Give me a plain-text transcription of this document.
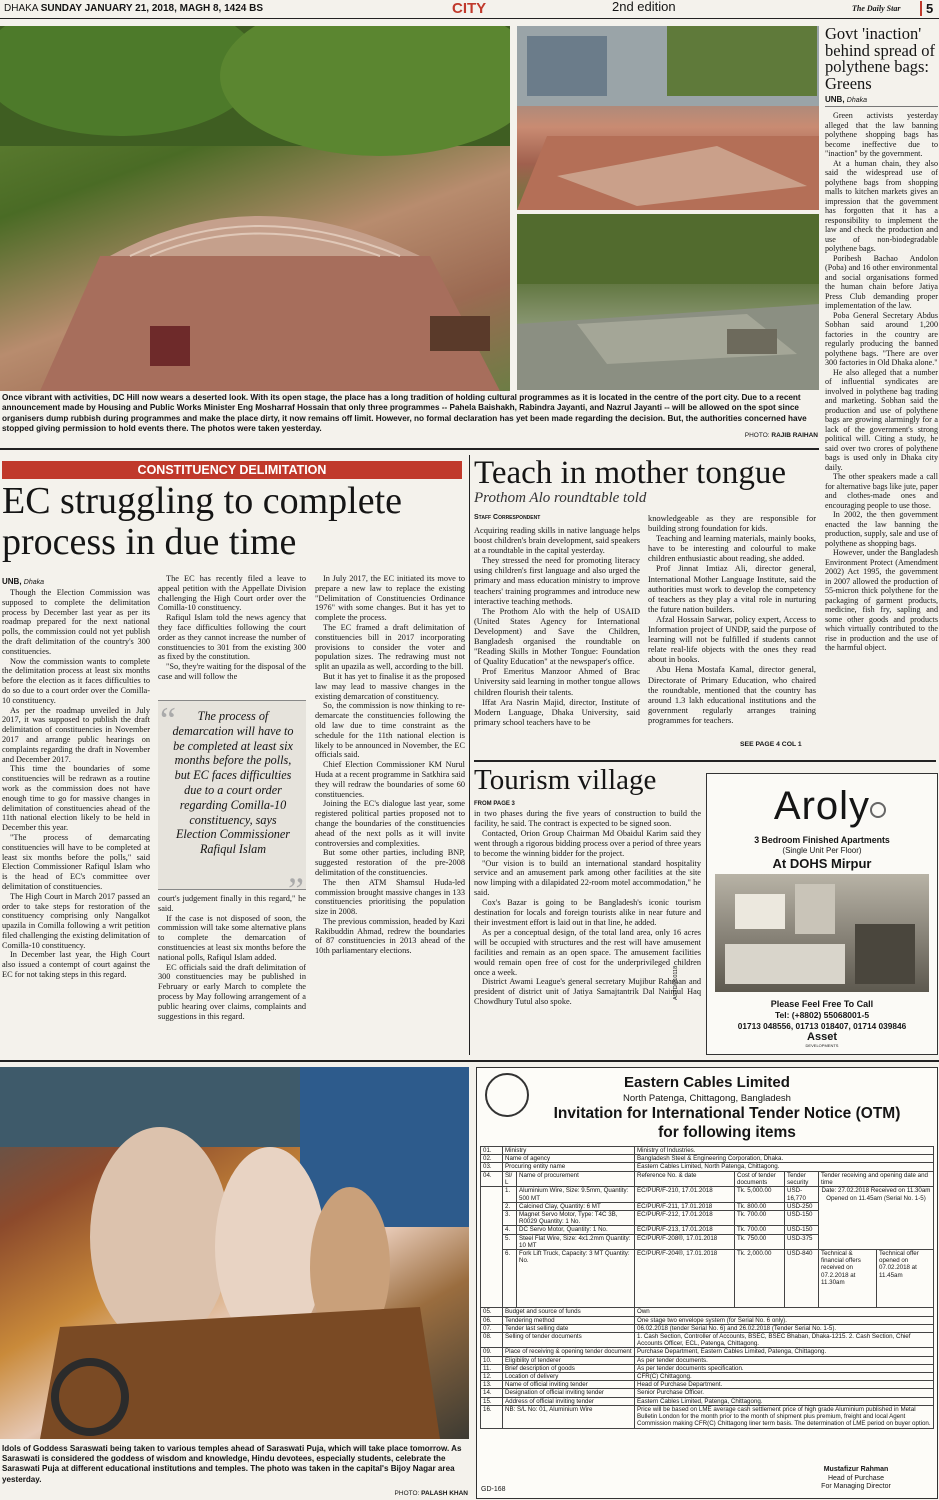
DHAKA SUNDAY JANUARY 21, 2018, MAGH 8, 1424 BS	CITY	2nd edition	The Daily Star	5
Once vibrant with activities, DC Hill now wears a deserted look. With its open stage, the place has a long tradition of holding cultural programmes as it is located in the centre of the port city. Due to a recent announcement made by Housing and Public Works Minister Eng Mosharraf Hossain that only three programmes -- Pahela Baishakh, Rabindra Jayanti, and Nazrul Jayanti -- will be allowed on the spot since organisers dump rubbish during programmes and make the place dirty, it now remains off limit. However, no formal declaration has yet been made regarding the decision. But, the authorities concerned have stopped giving permission to hold events there. The photos were taken yesterday.
PHOTO: RAJIB RAIHAN
Govt 'inaction' behind spread of polythene bags: Greens
UNB, Dhaka

Green activists yesterday alleged that the law banning polythene shopping bags has become ineffective due to "inaction" by the government.

At a human chain, they also said the widespread use of polythene bags from shopping malls to kitchen markets gives an impression that the government has forgotten that it has a responsibility to implement the law and check the production and use of non-biodegradable polythene bags.

Poribesh Bachao Andolon (Poba) and 16 other environmental and social organisations formed the human chain before Jatiya Press Club demanding proper implementation of the law.

Poba General Secretary Abdus Sobhan said around 1,200 factories in the country are regularly producing the banned polythene bags. "There are over 300 factories in Old Dhaka alone."

He also alleged that a number of influential syndicates are involved in polythene bag trading and marketing. Sobhan said the production and use of polythene bags are growing alarmingly for a lack of the government's strong political will. Citing a study, he said over two crores of polythene bags is used only in Dhaka city daily.

The other speakers made a call for alternative bags like jute, paper and clothes-made ones and encouraging people to use those.

In 2002, the then government enacted the law banning the production, supply, sale and use of polythene as shopping bags.

However, under the Bangladesh Environment Protect (Amendment 2002) Act 1995, the government in 2007 allowed the production of 55-micron thick polythene for the packaging of garment products, medicine, fish fry, sapling and some other goods and products which virtually contributed to the rise in production and the use of the harmful object.

CONSTITUENCY DELIMITATION
EC struggling to complete process in due time
UNB, Dhaka

Though the Election Commission was supposed to complete the delimitation process by December last year as per its roadmap prepared for the next national polls, the commission could not yet publish the draft delimitation of the country's 300 constituencies.

Now the commission wants to complete the delimitation process at least six months before the election as it faces difficulties to do so due to a court order over the Comilla-10 constituency.

As per the roadmap unveiled in July 2017, it was supposed to publish the draft delimitation of constituencies in November 2017 and arrange public hearings on complaints regarding the draft in November and December 2017.

This time the boundaries of some constituencies will be redrawn as a routine work as the commission does not have enough time to go for massive changes in delimitation of constituencies ahead of the 11th national election likely to be held in December this year.

"The process of demarcating constituencies will have to be completed at least six months before the polls," said Election Commissioner Rafiqul Islam who is the head of EC's committee over delimitation of constituencies.

The High Court in March 2017 passed an order to take steps for restoration of the constituency comprising only Nangalkot upazila in Comilla following a writ petition filed challenging the existing delimitation of Comilla-10 constituency.

In December last year, the High Court also issued a contempt of court against the EC for not taking steps in this regard.

The EC has recently filed a leave to appeal petition with the Appellate Division challenging the High Court order over the Comilla-10 constituency.

Rafiqul Islam told the news agency that they face difficulties following the court order as they cannot increase the number of constituencies to 301 from the existing 300 as fixed by the constitution.

"So, they're waiting for the disposal of the case and will follow the

“	The process of demarcation will have to be completed at least six months before the polls, but EC faces difficulties due to a court order regarding Comilla-10 constituency, says Election Commissioner Rafiqul Islam
”

court's judgement finally in this regard," he said.

If the case is not disposed of soon, the commission will take some alternative plans to complete the demarcation of constituencies at least six months before the national polls, Rafiqul Islam added.

EC officials said the draft delimitation of 300 constituencies may be published in February or early March to complete the process by May following arrangement of a public hearing over claims, complaints and suggestions in this regard.

In July 2017, the EC initiated its move to prepare a new law to replace the existing "Delimitation of Constituencies Ordinance 1976" with some changes. But it has yet to complete the process.

The EC framed a draft delimitation of constituencies bill in 2017 incorporating provisions to consider the voter and population sizes. The redrawing must not split an upazila as well, according to the bill.

But it has yet to finalise it as the proposed law may lead to massive changes in the existing demarcation of constituency.

So, the commission is now thinking to re-demarcate the constituencies following the old law due to time constraint as the schedule for the 11th national election is likely to be announced in November, the EC officials said.

Chief Election Commissioner KM Nurul Huda at a recent programme in Satkhira said they will redraw the boundaries of some 60 constituencies.

Joining the EC's dialogue last year, some registered political parties proposed not to change the boundaries of the constituencies ahead of the next polls as it will invite controversies and complexities.

But some other parties, including BNP, suggested restoration of the pre-2008 delimitation of the constituencies.

The then ATM Shamsul Huda-led commission brought massive changes in 133 constituencies prioritising the population size in 2008.

The previous commission, headed by Kazi Rakibuddin Ahmad, redrew the boundaries of 87 constituencies in 2013 ahead of the 10th parliamentary elections.

Teach in mother tongue
Prothom Alo roundtable told
Staff Correspondent

Acquiring reading skills in native language helps boost children's brain development, said speakers at a roundtable in the capital yesterday.

They stressed the need for promoting literacy using children's first language and also urged the primary and mass education ministry to improve teachers' training programmes and introduce new interactive teaching methods.

The Prothom Alo with the help of USAID (United States Agency for International Development) and Save the Children, Bangladesh organised the roundtable on "Reading Skills in Mother Tongue: Foundation of Quality Education" at the newspaper's office.

Prof Emeritus Manzoor Ahmed of Brac University said learning in mother tongue allows children flourish their talents.

Iffat Ara Nasrin Majid, director, Institute of Modern Language, Dhaka University, said primary school teachers have to be

knowledgeable as they are responsible for building strong foundation for kids.

Teaching and learning materials, mainly books, have to be interesting and colourful to make children enthusiastic about reading, she added.

Prof Jinnat Imtiaz Ali, director general, International Mother Language Institute, said the authorities must work to develop the competency of teachers as they play a vital role in nurturing the future nation builders.

Afzal Hossain Sarwar, policy expert, Access to Information project of UNDP, said the purpose of learning will not be fulfilled if students cannot relate real-life objects with the ones they read about in books.

Abu Hena Mostafa Kamal, director general, Directorate of Primary Education, who chaired the roundtable, mentioned that the country has around 1.3 lakh educational institutions and the government regularly arranges training programmes for teachers.

SEE PAGE 4 COL 1
Tourism village
FROM PAGE 3

in two phases during the five years of construction to build the facility, he said. The contract is expected to be signed soon.

Contacted, Orion Group Chairman Md Obaidul Karim said they went through a rigorous bidding process over a period of three years to become the winning bidder for the project.

"Our vision is to build an international standard hospitality service and an amusement park among other facilities at the site now limping with a dilapidated 22-room motel accommodation," he said.

Cox's Bazar is going to be Bangladesh's iconic tourism destination for locals and foreign tourists alike in near future and their investment effort is laid out in that line, he added.

As per a conceptual design, of the total land area, only 16 acres will be occupied with structures and the rest will have amusement facilities and remain as an open space. The amusement facilities would remain open free of cost for the underprivileged children once a week.

District Awami League's general secretary Mujibur Rahman and president of district unit of Jatiya Samajtantrik Dal Naimul Haq Chowdhury Tutul also spoke.

Aroly
3 Bedroom Finished Apartments
(Single Unit Per Floor)
At DOHS Mirpur
Please Feel Free To Call
Tel: (+8802) 55068001-5
01713 048556, 01713 018407, 01714 039846
Asset
DEVELOPMENTS
ASTD/210118
Idols of Goddess Saraswati being taken to various temples ahead of Saraswati Puja, which will take place tomorrow. As Saraswati is considered the goddess of wisdom and knowledge, Hindu devotees, especially students, celebrate the Saraswati Puja at different educational institutions and temples. The photo was taken in the capital's Bijoy Nagar area yesterday.
PHOTO: PALASH KHAN
Eastern Cables Limited
North Patenga, Chittagong, Bangladesh
Invitation for International Tender Notice (OTM)
for following items
01.	Ministry	Ministry of Industries.
02.	Name of agency	Bangladesh Steel & Engineering Corporation, Dhaka.
03.	Procuring entity name	Eastern Cables Limited, North Patenga, Chittagong.
04.	Sl/ L	Name of procurement	Reference No. & date	Cost of tender documents	Tender security	Tender receiving and opening date and time	
	1.	Aluminium Wire, Size: 9.5mm, Quantity: 500 MT	EC/PUR/F-210, 17.01.2018	Tk. 5,000.00	USD-16,770	Date: 27.02.2018 Received on 11.30am Opened on 11.45am (Serial No. 1-5)	
	2.	Calcined Clay, Quantity: 6 MT	EC/PUR/F-211, 17.01.2018	Tk. 800.00	USD-250		
	3.	Magnet Servo Motor, Type: T4C 3B, R0029 Quantity: 1 No.	EC/PUR/F-212, 17.01.2018	Tk. 700.00	USD-150		
	4.	DC Servo Motor, Quantity: 1 No.	EC/PUR/F-213, 17.01.2018	Tk. 700.00	USD-150		
	5.	Steel Flat Wire, Size: 4x1.2mm Quantity: 10 MT	EC/PUR/F-208®, 17.01.2018	Tk. 750.00	USD-375		
	6.	Fork Lift Truck, Capacity: 3 MT Quantity: No.	EC/PUR/F-204®, 17.01.2018	Tk. 2,000.00	USD-840	Technical & financial offers received on 07.2.2018 at 11.30am	Technical offer opened on 07.02.2018 at 11.45am
05.	Budget and source of funds	Own
06.	Tendering method	One stage two envelope system (for Serial No. 6 only).
07.	Tender last selling date	06.02.2018 (tender Serial No. 6) and 26.02.2018 (Tender Serial No. 1-5).
08.	Selling of tender documents	1. Cash Section, Controller of Accounts, BSEC, BSEC Bhaban, Dhaka-1215. 2. Cash Section, Chief Accounts Officer, ECL, Patenga, Chittagong.
09.	Place of receiving & opening tender document	Purchase Department, Eastern Cables Limited, Patenga, Chittagong.
10.	Eligibility of tenderer	As per tender documents.
11.	Brief description of goods	As per tender documents specification.
12.	Location of delivery	CFR(C) Chittagong.
13.	Name of official inviting tender	Head of Purchase Department.
14.	Designation of official inviting tender	Senior Purchase Officer.
15.	Address of official inviting tender	Eastern Cables Limited, Patenga, Chittagong.
16.	NB: S/L No: 01, Aluminium Wire	Price will be based on LME average cash settlement price of high grade Aluminium published in Metal Bulletin London for the month prior to the month of shipment plus premium, freight and local Agent Commission making CFR(C) Chittagong liner term basis. The determination of LME period on buyer option.
Mustafizur Rahman
Head of Purchase
For Managing Director
GD-168
